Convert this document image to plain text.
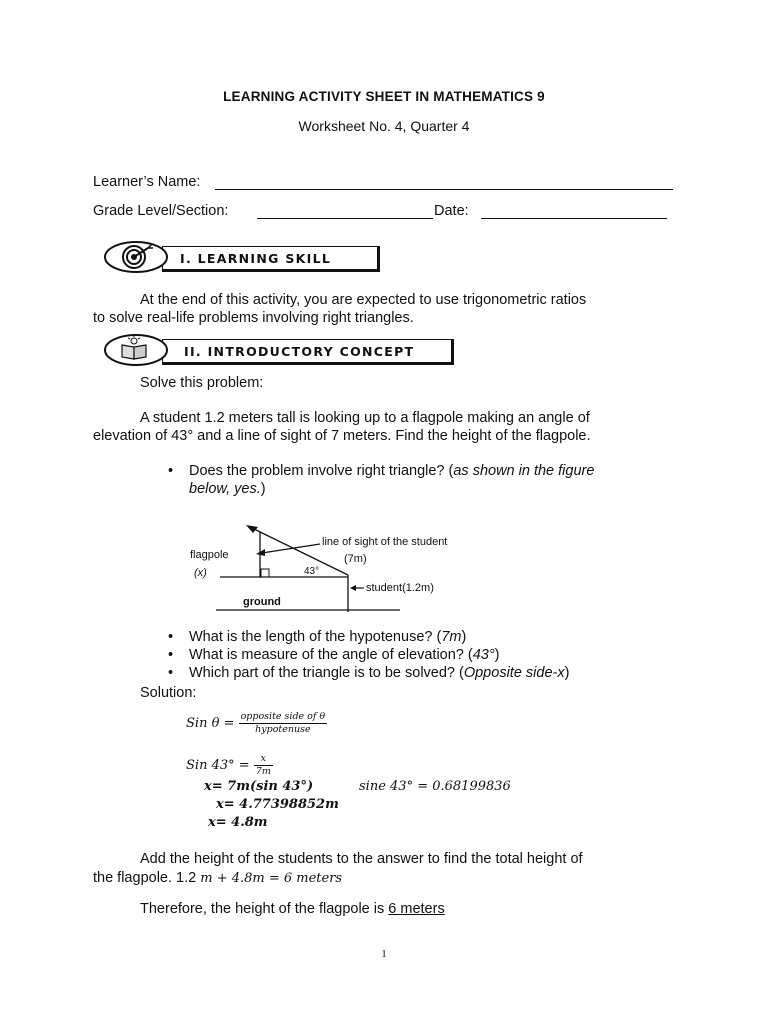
LEARNING ACTIVITY SHEET IN MATHEMATICS 9
Worksheet No. 4, Quarter 4
Learner’s Name:
Grade Level/Section:	Date:
I. LEARNING SKILL
At the end of this activity, you are expected to use trigonometric ratios
to solve real-life problems involving right triangles.
II. INTRODUCTORY CONCEPT
Solve this problem:
A student 1.2 meters tall is looking up to a flagpole making an angle of
elevation of 43° and a line of sight of 7 meters. Find the height of the flagpole.
• Does the problem involve right triangle? (as shown in the figure
below, yes.)
line of sight of the student
(7m)
flagpole
(x)	43°
student(1.2m)
ground
• What is the length of the hypotenuse? (7m)
• What is measure of the angle of elevation? (43°)
• Which part of the triangle is to be solved? (Opposite side-x)
Solution:
Sin $\theta = \frac{\text{opposite side of θ}}{\text{hypotenuse}}$
Sin $43^\circ = \frac{x}{7m}$
x= 7m(sin 43°)	sine 43° = 0.68199836
x= 4.77398852m
x= 4.8m
Add the height of the students to the answer to find the total height of
the flagpole. 1.2 m + 4.8m = 6 meters
Therefore, the height of the flagpole is 6 meters
1
